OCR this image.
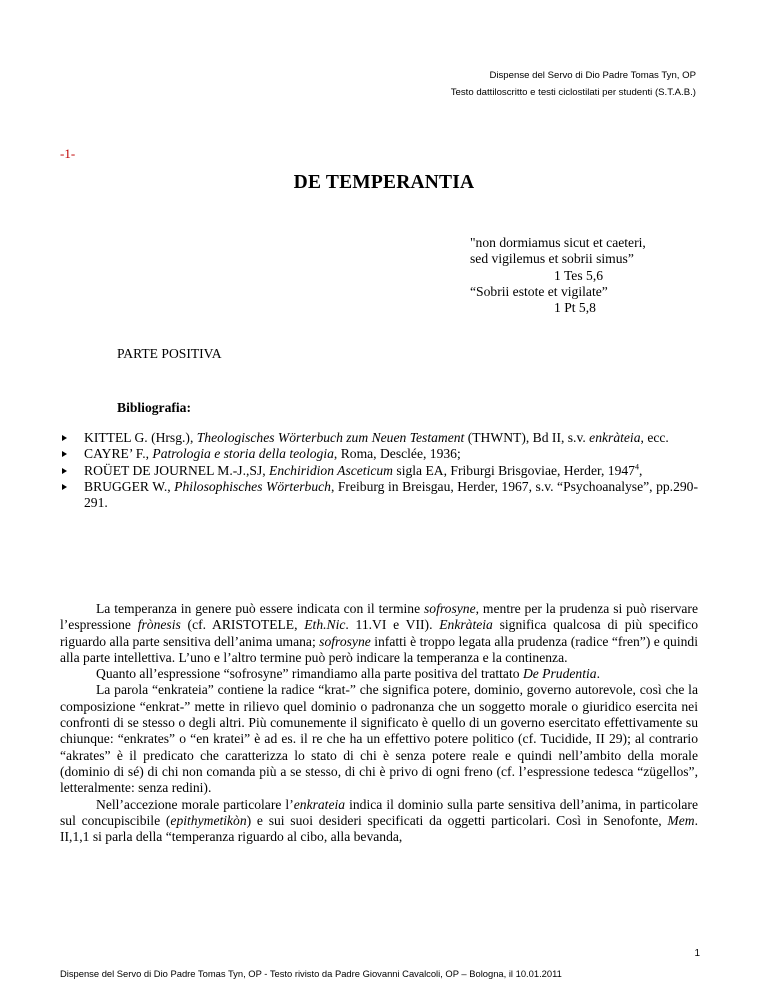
Dispense del Servo di Dio Padre Tomas Tyn, OP
Testo dattiloscritto e testi ciclostilati per studenti (S.T.A.B.)
-1-
DE TEMPERANTIA
"non dormiamus sicut et caeteri,
sed vigilemus et sobrii simus”
1 Tes 5,6
“Sobrii estote et vigilate”
1 Pt 5,8
PARTE POSITIVA
Bibliografia:
KITTEL G. (Hrsg.), Theologisches Wörterbuch zum Neuen Testament (THWNT), Bd II, s.v. enkràteia, ecc.
CAYRE’ F., Patrologia e storia della teologia, Roma, Desclée, 1936;
ROÜET DE JOURNEL M.-J.,SJ, Enchiridion Asceticum sigla EA, Friburgi Brisgoviae, Herder, 1947$^4$,
BRUGGER W., Philosophisches Wörterbuch, Freiburg in Breisgau, Herder, 1967, s.v. “Psychoanalyse”, pp.290-291.

La temperanza in genere può essere indicata con il termine sofrosyne, mentre per la prudenza si può riservare l’espressione frònesis (cf. ARISTOTELE, Eth.Nic. 11.VI e VII). Enkràteia significa qualcosa di più specifico riguardo alla parte sensitiva dell’anima umana; sofrosyne infatti è troppo legata alla prudenza (radice “fren”) e quindi alla parte intellettiva. L’uno e l’altro termine può però indicare la temperanza e la continenza.

Quanto all’espressione “sofrosyne” rimandiamo alla parte positiva del trattato De Prudentia.

La parola “enkrateia” contiene la radice “krat-” che significa potere, dominio, governo autorevole, così che la composizione “enkrat-” mette in rilievo quel dominio o padronanza che un soggetto morale o giuridico esercita nei confronti di se stesso o degli altri. Più comunemente il significato è quello di un governo esercitato effettivamente su chiunque: “enkrates” o “en kratei” è ad es. il re che ha un effettivo potere politico (cf. Tucidide, II 29); al contrario “akrates” è il predicato che caratterizza lo stato di chi è senza potere reale e quindi nell’ambito della morale (dominio di sé) di chi non comanda più a se stesso, di chi è privo di ogni freno (cf. l’espressione tedesca “zügellos”, letteralmente: senza redini).

Nell’accezione morale particolare l’enkrateia indica il dominio sulla parte sensitiva dell’anima, in particolare sul concupiscibile (epithymetikòn) e sui suoi desideri specificati da oggetti particolari. Così in Senofonte, Mem. II,1,1 si parla della “temperanza riguardo al cibo, alla bevanda,

1
Dispense del Servo di Dio Padre Tomas Tyn, OP - Testo rivisto da Padre Giovanni Cavalcoli, OP – Bologna, il 10.01.2011
